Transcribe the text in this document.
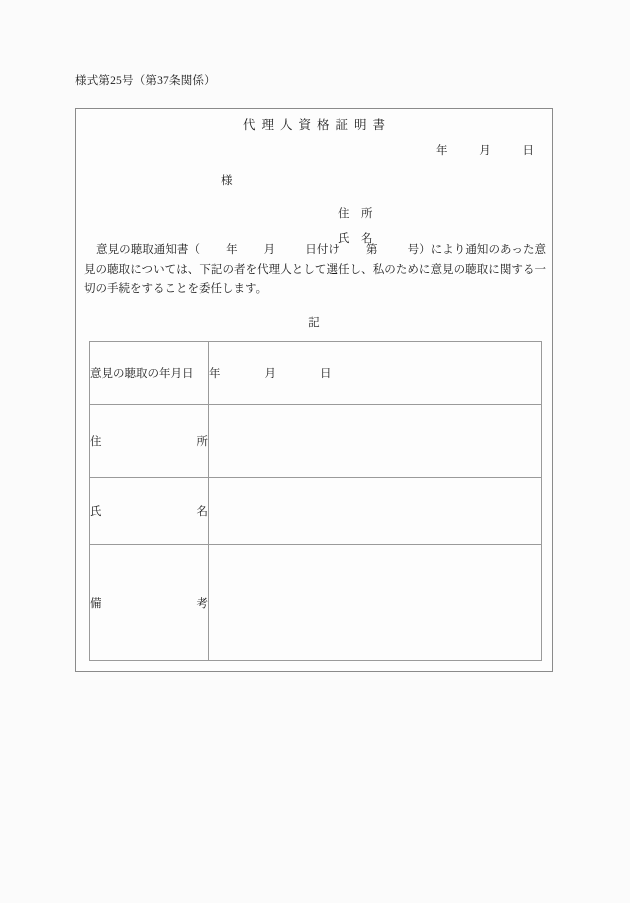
様式第25号（第37条関係）
代理人資格証明書
年	月	日
様
住　所
氏　名
意見の聴取通知書（ 年 月	日付け 第	号）により通知のあった意見の聴取については、下記の者を代理人として選任し、私のために意見の聴取に関する一切の手続をすることを委任します。
記
意見の聴取の年月日	年 月 日

住 所	

氏 名	

備 考	
